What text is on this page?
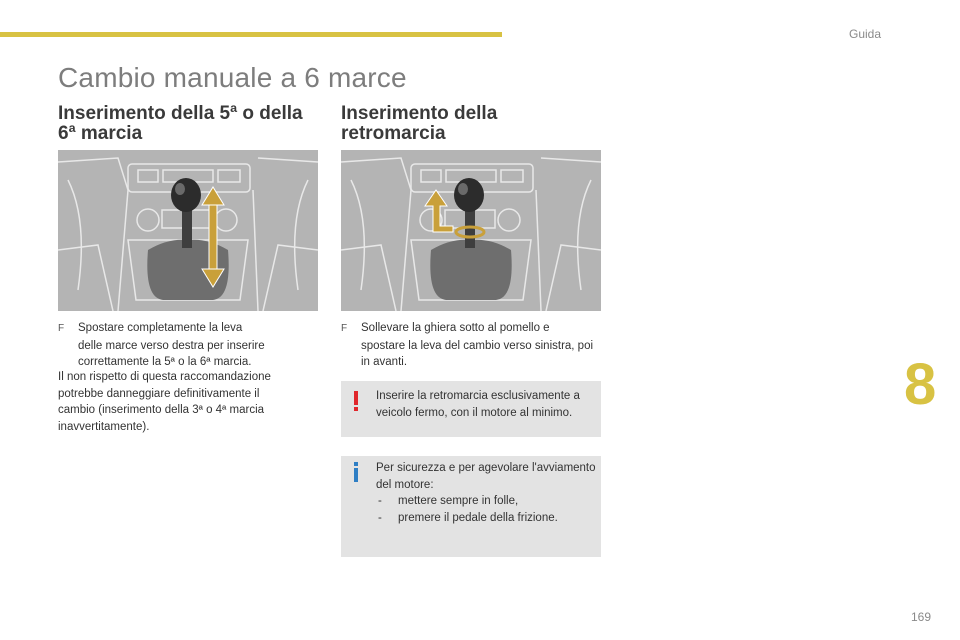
Guida
Cambio manuale a 6 marce
Inserimento della 5ª o della
6ª marcia
Inserimento della
retromarcia

F Spostare completamente la leva
delle marce verso destra per inserire correttamente la 5ª o la 6ª marcia.

Il non rispetto di questa raccomandazione potrebbe danneggiare definitivamente il cambio (inserimento della 3ª o 4ª marcia inavvertitamente).

F Sollevare la ghiera sotto al pomello e
spostare la leva del cambio verso sinistra, poi in avanti.

Inserire la retromarcia esclusivamente a veicolo fermo, con il motore al minimo.

Per sicurezza e per agevolare l'avviamento del motore:
- mettere sempre in folle,
- premere il pedale della frizione.
8
169
